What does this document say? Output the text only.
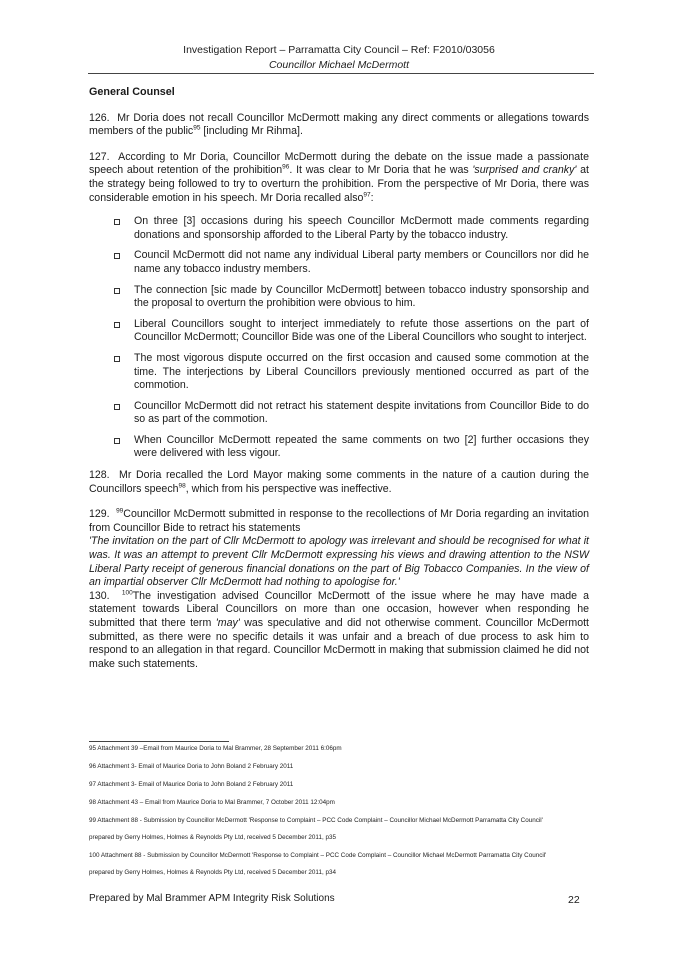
Investigation Report – Parramatta City Council – Ref: F2010/03056
Councillor Michael McDermott

General Counsel

126. Mr Doria does not recall Councillor McDermott making any direct comments or allegations towards members of the public$^{95}$ [including Mr Rihma].

127. According to Mr Doria, Councillor McDermott during the debate on the issue made a passionate speech about retention of the prohibition$^{96}$. It was clear to Mr Doria that he was 'surprised and cranky' at the strategy being followed to try to overturn the prohibition. From the perspective of Mr Doria, there was considerable emotion in his speech. Mr Doria recalled also$^{97}$:

On three [3] occasions during his speech Councillor McDermott made comments regarding donations and sponsorship afforded to the Liberal Party by the tobacco industry.
Council McDermott did not name any individual Liberal party members or Councillors nor did he name any tobacco industry members.
The connection [sic made by Councillor McDermott] between tobacco industry sponsorship and the proposal to overturn the prohibition were obvious to him.
Liberal Councillors sought to interject immediately to refute those assertions on the part of Councillor McDermott; Councillor Bide was one of the Liberal Councillors who sought to interject.
The most vigorous dispute occurred on the first occasion and caused some commotion at the time. The interjections by Liberal Councillors previously mentioned occurred as part of the commotion.
Councillor McDermott did not retract his statement despite invitations from Councillor Bide to do so as part of the commotion.
When Councillor McDermott repeated the same comments on two [2] further occasions they were delivered with less vigour.

128. Mr Doria recalled the Lord Mayor making some comments in the nature of a caution during the Councillors speech$^{98}$, which from his perspective was ineffective.

129. $^{99}$Councillor McDermott submitted in response to the recollections of Mr Doria regarding an invitation from Councillor Bide to retract his statements

'The invitation on the part of Cllr McDermott to apology was irrelevant and should be recognised for what it was. It was an attempt to prevent Cllr McDermott expressing his views and drawing attention to the NSW Liberal Party receipt of generous financial donations on the part of Big Tobacco Companies. In the view of an impartial observer Cllr McDermott had nothing to apologise for.'

130. $^{100}$The investigation advised Councillor McDermott of the issue where he may have made a statement towards Liberal Councillors on more than one occasion, however when responding he submitted that there term 'may' was speculative and did not otherwise comment. Councillor McDermott submitted, as there were no specific details it was unfair and a breach of due process to ask him to respond to an allegation in that regard. Councillor McDermott in making that submission claimed he did not make such statements.

95 Attachment 39 –Email from Maurice Doria to Mal Brammer, 28 September 2011 6:06pm
96 Attachment 3- Email of Maurice Doria to John Boland 2 February 2011
97 Attachment 3- Email of Maurice Doria to John Boland 2 February 2011
98 Attachment 43 – Email from Maurice Doria to Mal Brammer, 7 October 2011 12:04pm
99 Attachment 88 - Submission by Councillor McDermott 'Response to Complaint – PCC Code Complaint – Councillor Michael McDermott Parramatta City Council'
prepared by Gerry Holmes, Holmes & Reynolds Pty Ltd, received 5 December 2011, p35
100 Attachment 88 - Submission by Councillor McDermott 'Response to Complaint – PCC Code Complaint – Councillor Michael McDermott Parramatta City Council'
prepared by Gerry Holmes, Holmes & Reynolds Pty Ltd, received 5 December 2011, p34
Prepared by Mal Brammer APM Integrity Risk Solutions	22
